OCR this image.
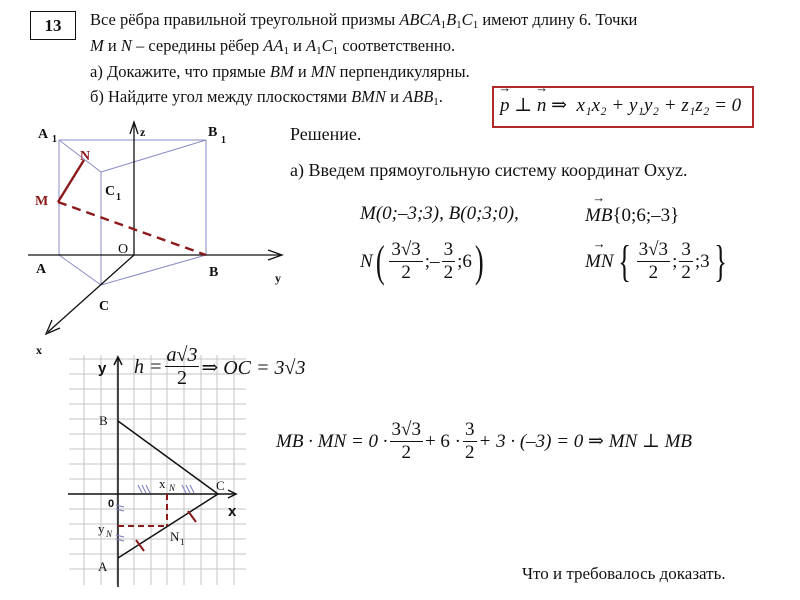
13	Все рёбра правильной треугольной призмы $ABCA_1B_1C_1$ имеют длину 6. Точки
M и N – середины рёбер $AA_1$ и $A_1C_1$ соответственно.
а) Докажите, что прямые BM и MN перпендикулярны.
б) Найдите угол между плоскостями BMN и $ABB_1$.	→ p ⊥ → n ⇒ x₁x₂ + y₁y₂ + z₁z₂ = 0
A 1	B
1
C 1
N
M
O
A	B
C
y
z
x
y
x
0
B
C
A
x N
y N	N 1
Решение.
а) Введем прямоугольную систему координат Oxyz.
M(0;–3;3), B(0;3;0),
N ( $\frac{3√3}{2}$ ;– $\frac{3}{2}$ ; 6 )
→ MB{0;6;–3}
→ MN { $\frac{3√3}{2}$ ; $\frac{3}{2}$ ; 3 }
$h = \frac{a√3}{2}$ ⇒ OC = 3√3
MB · MN = $0 \cdot \frac{3√3}{2} + 6 \cdot \frac{3}{2} + 3 \cdot (-3) = 0$ ⇒ MN ⊥ MB
Что и требовалось доказать.
